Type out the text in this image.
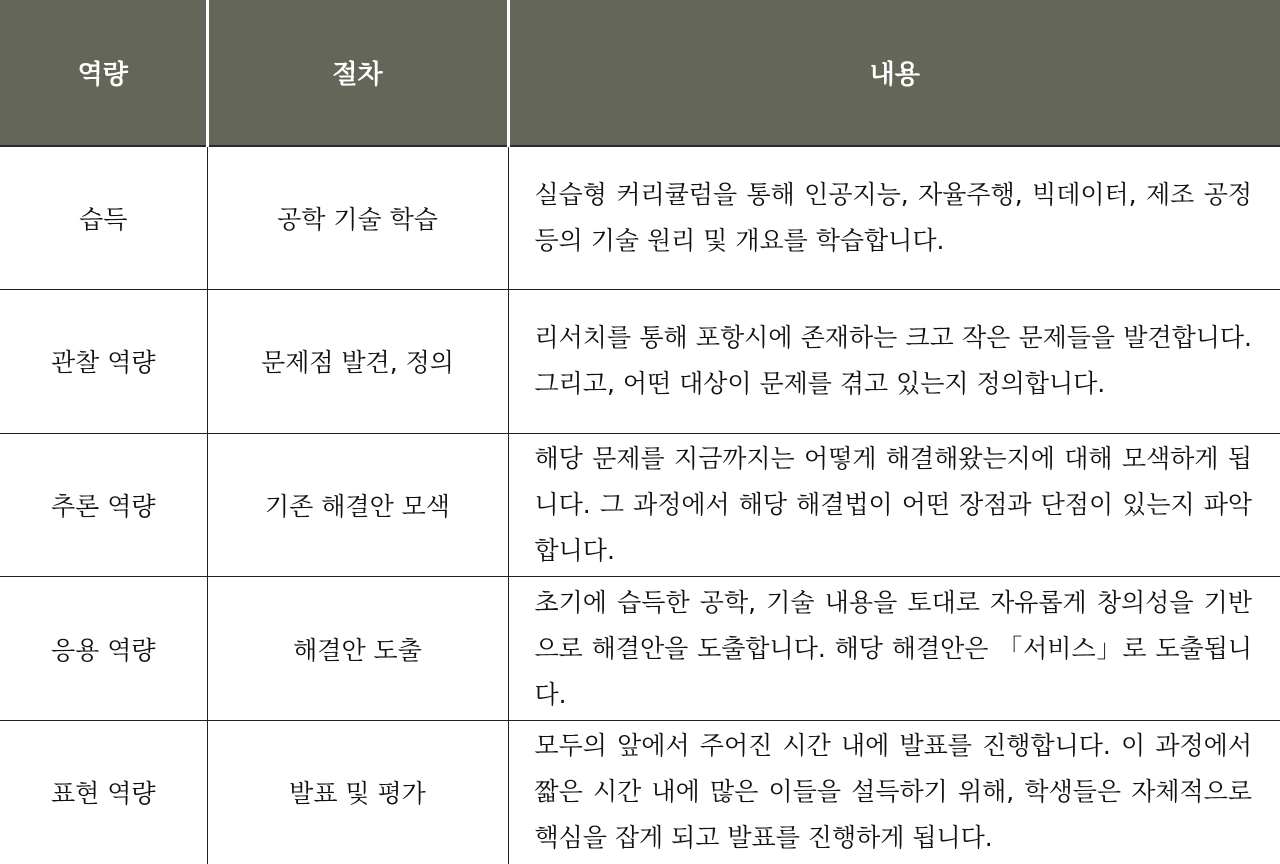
역량	절차	내용
습득	공학 기술 학습	실습형 커리큘럼을 통해 인공지능, 자율주행, 빅데이터, 제조 공정 등의 기술 원리 및 개요를 학습합니다.
관찰 역량	문제점 발견, 정의	리서치를 통해 포항시에 존재하는 크고 작은 문제들을 발견합니다. 그리고, 어떤 대상이 문제를 겪고 있는지 정의합니다.
추론 역량	기존 해결안 모색	해당 문제를 지금까지는 어떻게 해결해왔는지에 대해 모색하게 됩니다. 그 과정에서 해당 해결법이 어떤 장점과 단점이 있는지 파악합니다.
응용 역량	해결안 도출	초기에 습득한 공학, 기술 내용을 토대로 자유롭게 창의성을 기반으로 해결안을 도출합니다. 해당 해결안은 「서비스」로 도출됩니다.
표현 역량	발표 및 평가	모두의 앞에서 주어진 시간 내에 발표를 진행합니다. 이 과정에서 짧은 시간 내에 많은 이들을 설득하기 위해, 학생들은 자체적으로 핵심을 잡게 되고 발표를 진행하게 됩니다.
